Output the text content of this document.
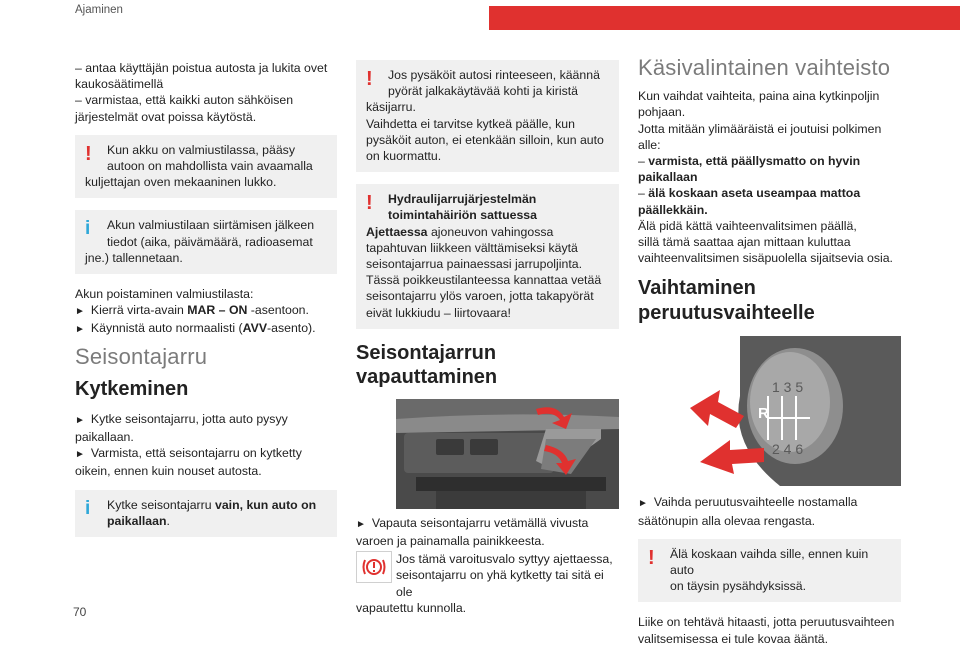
Ajaminen

– antaa käyttäjän poistua autosta ja lukita ovet
kaukosäätimellä
– varmistaa, että kaikki auton sähköisen
järjestelmät ovat poissa käytöstä.

!	Kun akku on valmiustilassa, pääsy
autoon on mahdollista vain avaamalla
kuljettajan oven mekaaninen lukko.
i	Akun valmiustilaan siirtämisen jälkeen
tiedot (aika, päivämäärä, radioasemat
jne.) tallennetaan.

Akun poistaminen valmiustilasta:
► Kierrä virta-avain MAR – ON -asentoon.
► Käynnistä auto normaalisti (AVV-asento).

Seisontajarru
Kytkeminen

► Kytke seisontajarru, jotta auto pysyy
paikallaan.
► Varmista, että seisontajarru on kytketty
oikein, ennen kuin nouset autosta.

i	Kytke seisontajarru vain, kun auto on
paikallaan.
!	Jos pysäköit autosi rinteeseen, käännä
pyörät jalkakäytävää kohti ja kiristä
käsijarru.
Vaihdetta ei tarvitse kytkeä päälle, kun
pysäköit auton, ei etenkään silloin, kun auto
on kuormattu.
!	Hydraulijarrujärjestelmän
toimintahäiriön sattuessa
Ajettaessa ajoneuvon vahingossa
tapahtuvan liikkeen välttämiseksi käytä
seisontajarrua painaessasi jarrupoljinta.
Tässä poikkeustilanteessa kannattaa vetää
seisontajarru ylös varoen, jotta takapyörät
eivät lukkiudu – liirtovaara!
Seisontajarrun
vapauttaminen

► Vapauta seisontajarru vetämällä vivusta
varoen ja painamalla painikkeesta.

Jos tämä varoitusvalo syttyy ajettaessa,
seisontajarru on yhä kytketty tai sitä ei ole
vapautettu kunnolla.
Käsivalintainen vaihteisto

Kun vaihdat vaihteita, paina aina kytkinpoljin
pohjaan.
Jotta mitään ylimääräistä ei joutuisi polkimen
alle:
– varmista, että päällysmatto on hyvin
paikallaan
– älä koskaan aseta useampaa mattoa
päällekkäin.
Älä pidä kättä vaihteenvalitsimen päällä,
sillä tämä saattaa ajan mittaan kuluttaa
vaihteenvalitsimen sisäpuolella sijaitsevia osia.

Vaihtaminen
peruutusvaihteelle
1 3 5
R
2 4 6

► Vaihda peruutusvaihteelle nostamalla
säätönupin alla olevaa rengasta.

!	Älä koskaan vaihda sille, ennen kuin auto
on täysin pysähdyksissä.

Liike on tehtävä hitaasti, jotta peruutusvaihteen
valitsemisessa ei tule kovaa ääntä.

70
